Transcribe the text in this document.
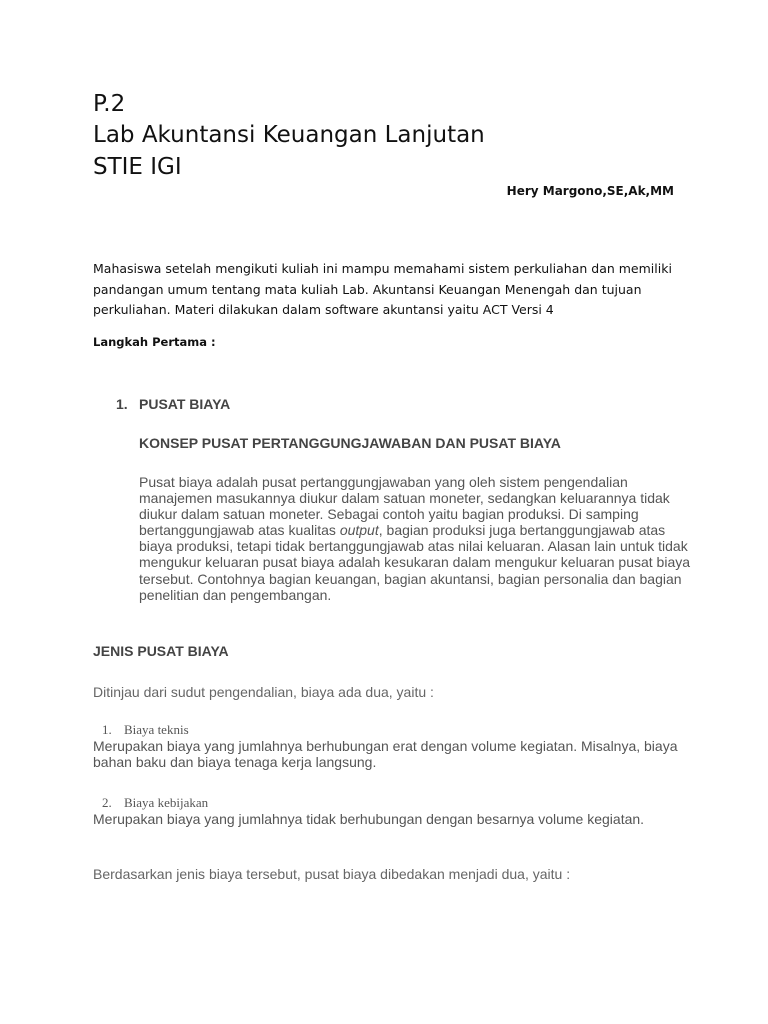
P.2
Lab Akuntansi Keuangan Lanjutan
STIE IGI
Hery Margono,SE,Ak,MM

Mahasiswa setelah mengikuti kuliah ini mampu memahami sistem perkuliahan dan memiliki pandangan umum tentang mata kuliah Lab. Akuntansi Keuangan Menengah dan tujuan perkuliahan. Materi dilakukan dalam software akuntansi yaitu ACT Versi 4

Langkah Pertama :
1. PUSAT BIAYA
KONSEP PUSAT PERTANGGUNGJAWABAN DAN PUSAT BIAYA

Pusat biaya adalah pusat pertanggungjawaban yang oleh sistem pengendalian manajemen masukannya diukur dalam satuan moneter, sedangkan keluarannya tidak diukur dalam satuan moneter. Sebagai contoh yaitu bagian produksi. Di samping bertanggungjawab atas kualitas output, bagian produksi juga bertanggungjawab atas biaya produksi, tetapi tidak bertanggungjawab atas nilai keluaran. Alasan lain untuk tidak mengukur keluaran pusat biaya adalah kesukaran dalam mengukur keluaran pusat biaya tersebut. Contohnya bagian keuangan, bagian akuntansi, bagian personalia dan bagian penelitian dan pengembangan.

JENIS PUSAT BIAYA
Ditinjau dari sudut pengendalian, biaya ada dua, yaitu :
1. Biaya teknis

Merupakan biaya yang jumlahnya berhubungan erat dengan volume kegiatan. Misalnya, biaya bahan baku dan biaya tenaga kerja langsung.

2. Biaya kebijakan

Merupakan biaya yang jumlahnya tidak berhubungan dengan besarnya volume kegiatan.

Berdasarkan jenis biaya tersebut, pusat biaya dibedakan menjadi dua, yaitu :
